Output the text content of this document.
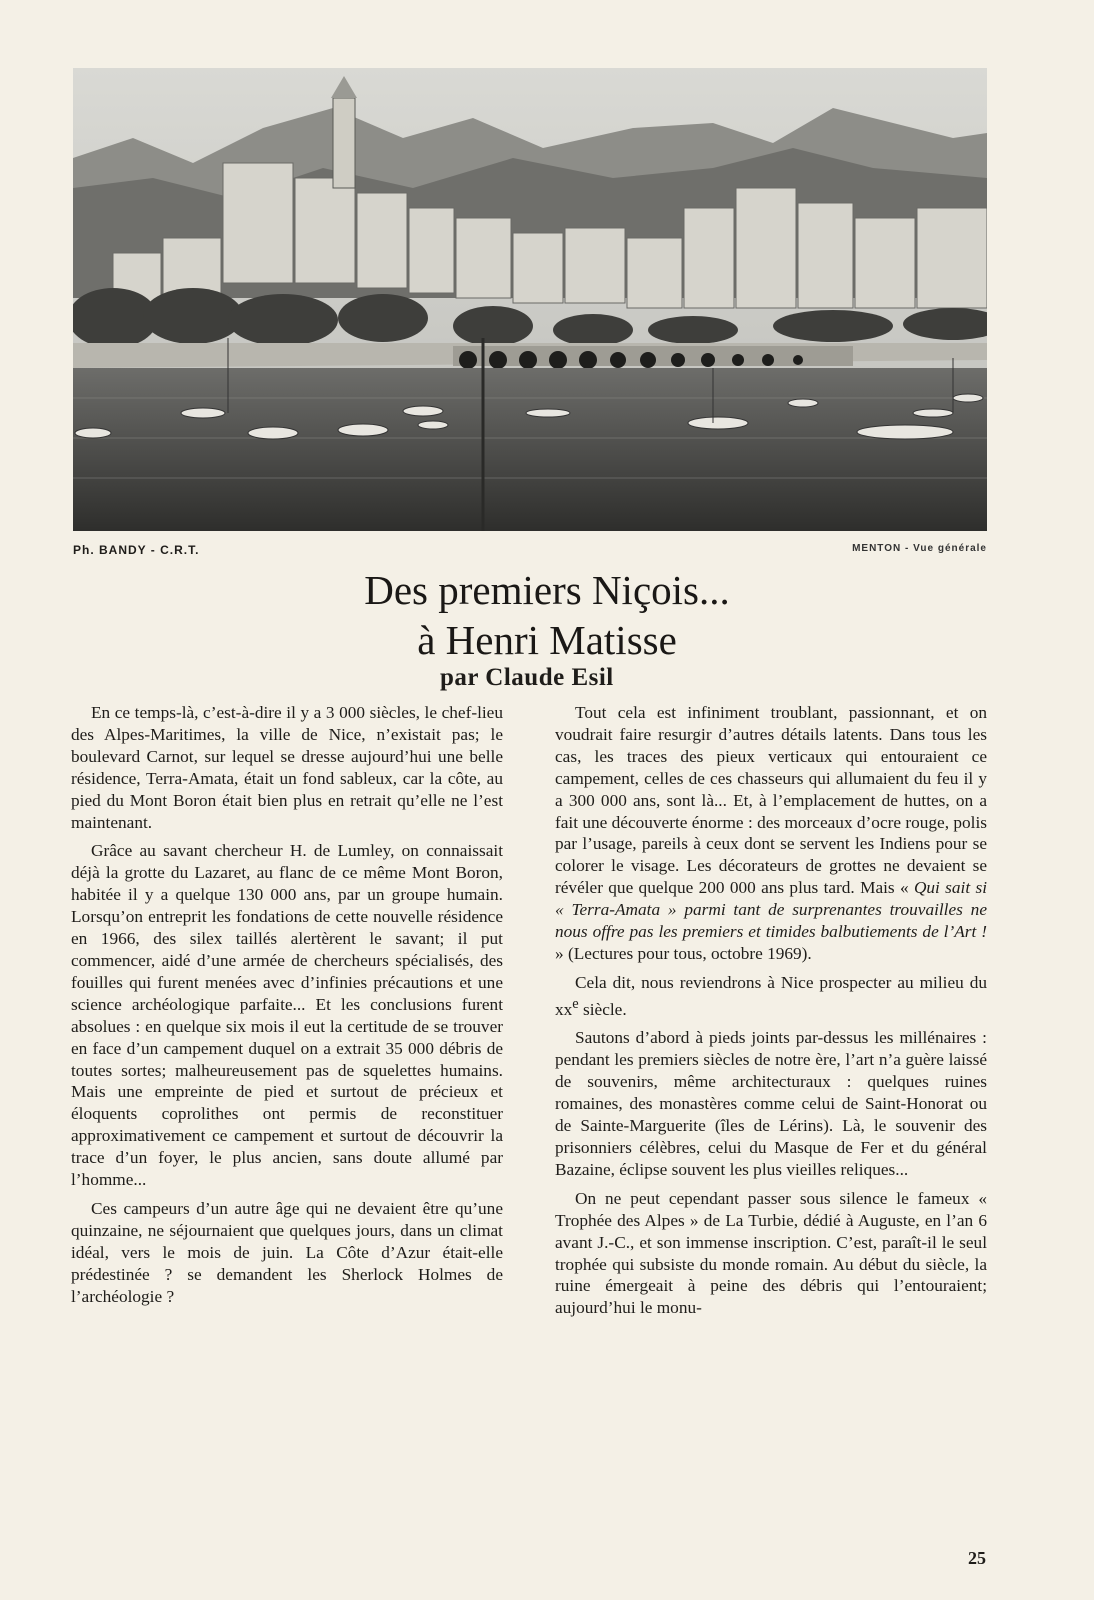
Ph. BANDY - C.R.T.	MENTON - Vue générale
Des premiers Niçois...
à Henri Matisse
par Claude Esil

En ce temps-là, c’est-à-dire il y a 3 000 siècles, le chef-lieu des Alpes-Maritimes, la ville de Nice, n’existait pas; le boulevard Carnot, sur lequel se dresse aujourd’hui une belle résidence, Terra-Amata, était un fond sableux, car la côte, au pied du Mont Boron était bien plus en retrait qu’elle ne l’est maintenant.

Grâce au savant chercheur H. de Lumley, on connaissait déjà la grotte du Lazaret, au flanc de ce même Mont Boron, habitée il y a quelque 130 000 ans, par un groupe humain. Lorsqu’on entreprit les fondations de cette nouvelle résidence en 1966, des silex taillés alertèrent le savant; il put commencer, aidé d’une armée de chercheurs spécialisés, des fouilles qui furent menées avec d’infinies précautions et une science archéologique parfaite... Et les conclusions furent absolues : en quelque six mois il eut la certitude de se trouver en face d’un campement duquel on a extrait 35 000 débris de toutes sortes; malheureusement pas de squelettes humains. Mais une empreinte de pied et surtout de précieux et éloquents coprolithes ont permis de reconstituer approximativement ce campement et surtout de découvrir la trace d’un foyer, le plus ancien, sans doute allumé par l’homme...

Ces campeurs d’un autre âge qui ne devaient être qu’une quinzaine, ne séjournaient que quelques jours, dans un climat idéal, vers le mois de juin. La Côte d’Azur était-elle prédestinée ? se demandent les Sherlock Holmes de l’archéologie ?

Tout cela est infiniment troublant, passionnant, et on voudrait faire resurgir d’autres détails latents. Dans tous les cas, les traces des pieux verticaux qui entouraient ce campement, celles de ces chasseurs qui allumaient du feu il y a 300 000 ans, sont là... Et, à l’emplacement de huttes, on a fait une découverte énorme : des morceaux d’ocre rouge, polis par l’usage, pareils à ceux dont se servent les Indiens pour se colorer le visage. Les décorateurs de grottes ne devaient se révéler que quelque 200 000 ans plus tard. Mais « Qui sait si « Terra-Amata » parmi tant de surprenantes trouvailles ne nous offre pas les premiers et timides balbutiements de l’Art ! » (Lectures pour tous, octobre 1969).

Cela dit, nous reviendrons à Nice prospecter au milieu du $xx^e$ siècle.

Sautons d’abord à pieds joints par-dessus les millénaires : pendant les premiers siècles de notre ère, l’art n’a guère laissé de souvenirs, même architecturaux : quelques ruines romaines, des monastères comme celui de Saint-Honorat ou de Sainte-Marguerite (îles de Lérins). Là, le souvenir des prisonniers célèbres, celui du Masque de Fer et du général Bazaine, éclipse souvent les plus vieilles reliques...

On ne peut cependant passer sous silence le fameux « Trophée des Alpes » de La Turbie, dédié à Auguste, en l’an 6 avant J.-C., et son immense inscription. C’est, paraît-il le seul trophée qui subsiste du monde romain. Au début du siècle, la ruine émergeait à peine des débris qui l’entouraient; aujourd’hui le monu-

25
